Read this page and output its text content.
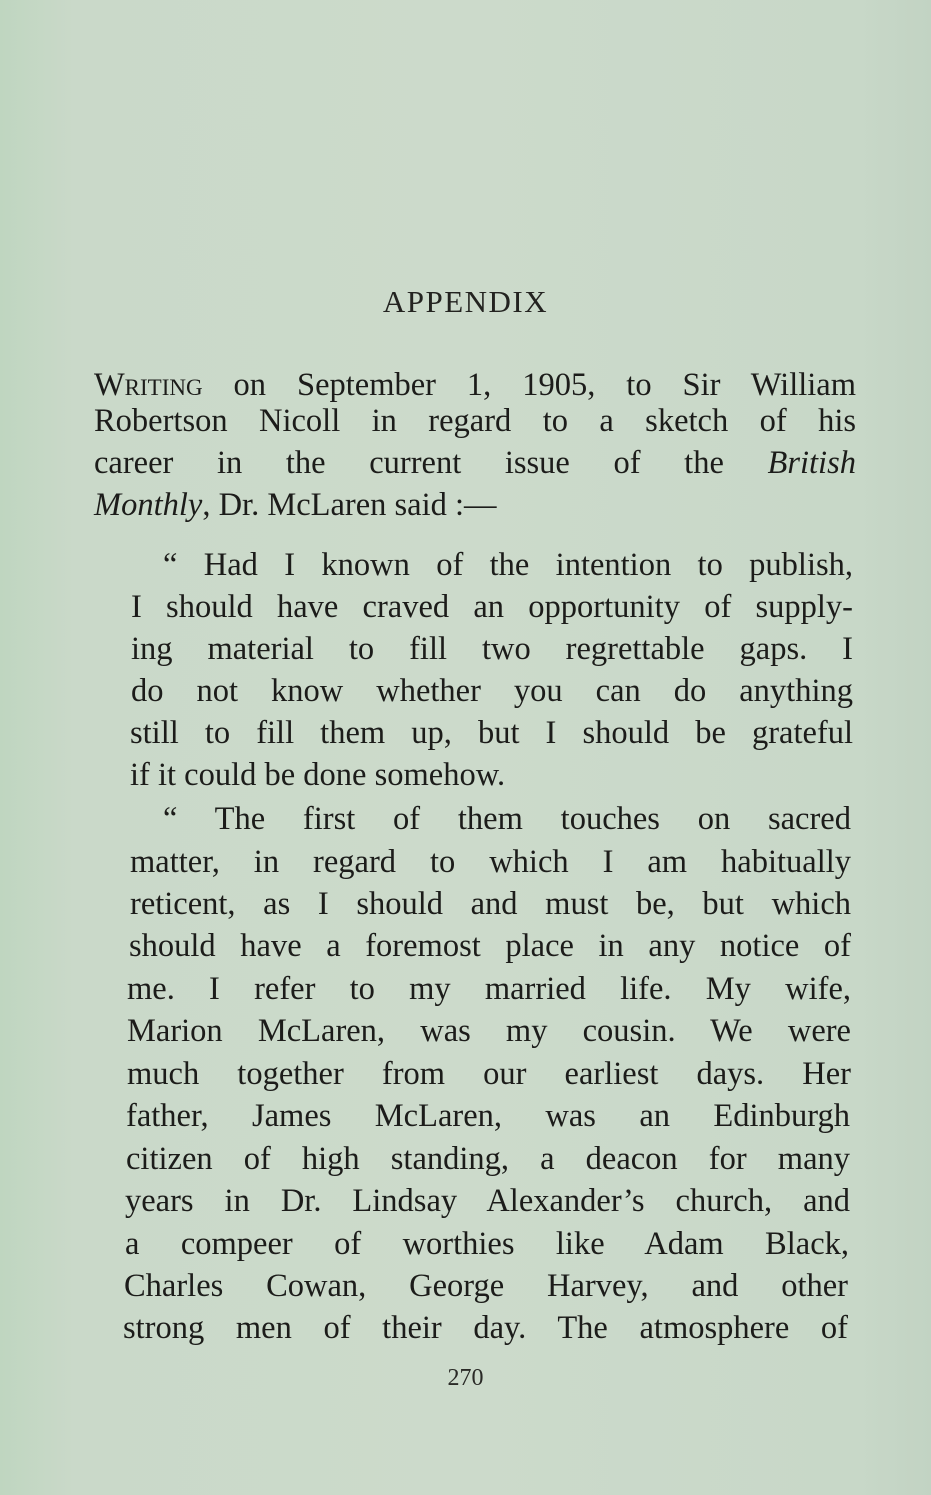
APPENDIX
Writing on September 1, 1905, to Sir William
Robertson Nicoll in regard to a sketch of his
career in the current issue of the British
Monthly, Dr. McLaren said :—
“ Had I known of the intention to publish,
I should have craved an opportunity of supply-
ing material to fill two regrettable gaps. I
do not know whether you can do anything
still to fill them up, but I should be grateful
if it could be done somehow.
“ The first of them touches on sacred
matter, in regard to which I am habitually
reticent, as I should and must be, but which
should have a foremost place in any notice of
me. I refer to my married life. My wife,
Marion McLaren, was my cousin. We were
much together from our earliest days. Her
father, James McLaren, was an Edinburgh
citizen of high standing, a deacon for many
years in Dr. Lindsay Alexander’s church, and
a compeer of worthies like Adam Black,
Charles Cowan, George Harvey, and other
strong men of their day. The atmosphere of
270
